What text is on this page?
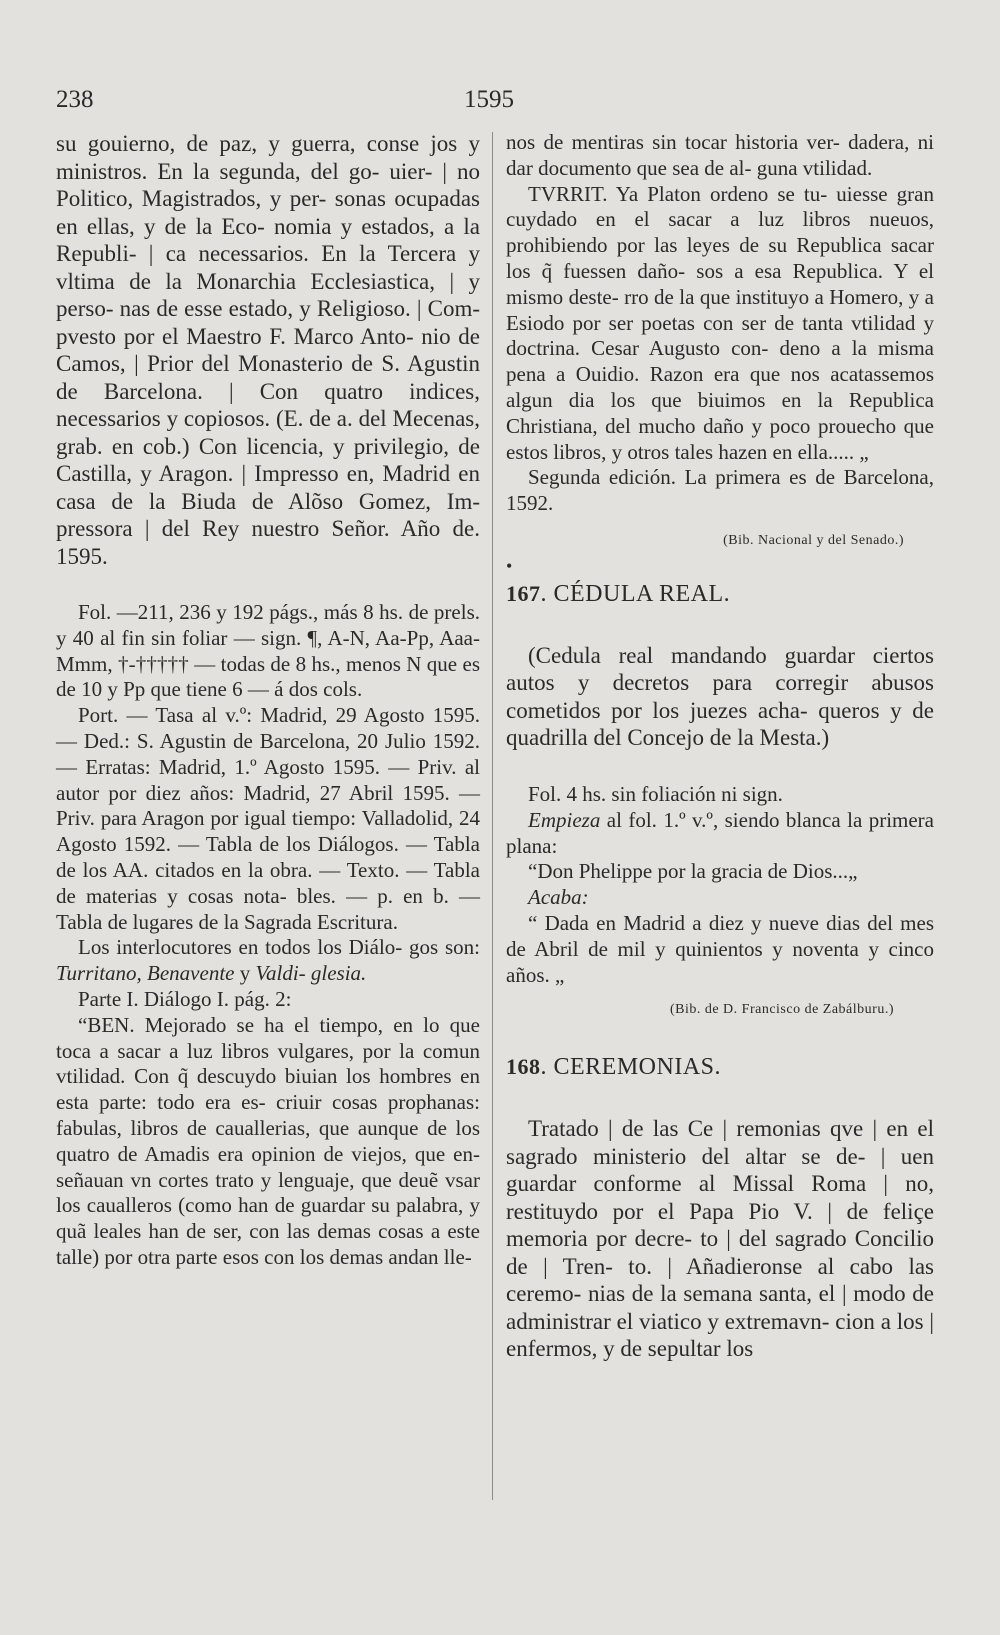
238	1595

su gouierno, de paz, y guerra, conse jos y ministros. En la segunda, del go- uier- | no Politico, Magistrados, y per- sonas ocupadas en ellas, y de la Eco- nomia y estados, a la Republi- | ca necessarios. En la Tercera y vltima de la Monarchia Ecclesiastica, | y perso- nas de esse estado, y Religioso. | Com- pvesto por el Maestro F. Marco Anto- nio de Camos, | Prior del Monasterio de S. Agustin de Barcelona. | Con quatro indices, necessarios y copiosos. (E. de a. del Mecenas, grab. en cob.) Con licencia, y privilegio, de Castilla, y Aragon. | Impresso en, Madrid en casa de la Biuda de Alõso Gomez, Im- pressora | del Rey nuestro Señor. Año de. 1595.

Fol. —211, 236 y 192 págs., más 8 hs. de prels. y 40 al fin sin foliar — sign. ¶, A-N, Aa-Pp, Aaa-Mmm, †-††††† — todas de 8 hs., menos N que es de 10 y Pp que tiene 6 — á dos cols.

Port. — Tasa al v.º: Madrid, 29 Agosto 1595. — Ded.: S. Agustin de Barcelona, 20 Julio 1592. — Erratas: Madrid, 1.º Agosto 1595. — Priv. al autor por diez años: Madrid, 27 Abril 1595. — Priv. para Aragon por igual tiempo: Valladolid, 24 Agosto 1592. — Tabla de los Diálogos. — Tabla de los AA. citados en la obra. — Texto. — Tabla de materias y cosas nota- bles. — p. en b. — Tabla de lugares de la Sagrada Escritura.

Los interlocutores en todos los Diálo- gos son: Turritano, Benavente y Valdi- glesia.

Parte I. Diálogo I. pág. 2:

“BEN. Mejorado se ha el tiempo, en lo que toca a sacar a luz libros vulgares, por la comun vtilidad. Con q̃ descuydo biuian los hombres en esta parte: todo era es- criuir cosas prophanas: fabulas, libros de cauallerias, que aunque de los quatro de Amadis era opinion de viejos, que en- señauan vn cortes trato y lenguaje, que deuẽ vsar los caualleros (como han de guardar su palabra, y quã leales han de ser, con las demas cosas a este talle) por otra parte esos con los demas andan lle-

nos de mentiras sin tocar historia ver- dadera, ni dar documento que sea de al- guna vtilidad.

TVRRIT. Ya Platon ordeno se tu- uiesse gran cuydado en el sacar a luz libros nueuos, prohibiendo por las leyes de su Republica sacar los q̃ fuessen daño- sos a esa Republica. Y el mismo deste- rro de la que instituyo a Homero, y a Esiodo por ser poetas con ser de tanta vtilidad y doctrina. Cesar Augusto con- deno a la misma pena a Ouidio. Razon era que nos acatassemos algun dia los que biuimos en la Republica Christiana, del mucho daño y poco prouecho que estos libros, y otros tales hazen en ella..... „

Segunda edición. La primera es de Barcelona, 1592.

(Bib. Nacional y del Senado.)

•

167. CÉDULA REAL.

(Cedula real mandando guardar ciertos autos y decretos para corregir abusos cometidos por los juezes acha- queros y de quadrilla del Concejo de la Mesta.)

Fol. 4 hs. sin foliación ni sign.

Empieza al fol. 1.º v.º, siendo blanca la primera plana:

“Don Phelippe por la gracia de Dios...„

Acaba:

“ Dada en Madrid a diez y nueve dias del mes de Abril de mil y quinientos y noventa y cinco años. „

(Bib. de D. Francisco de Zabálburu.)

168. CEREMONIAS.

Tratado | de las Ce | remonias qve | en el sagrado ministerio del altar se de- | uen guardar conforme al Missal Roma | no, restituydo por el Papa Pio V. | de feliçe memoria por decre- to | del sagrado Concilio de | Tren- to. | Añadieronse al cabo las ceremo- nias de la semana santa, el | modo de administrar el viatico y extremavn- cion a los | enfermos, y de sepultar los
